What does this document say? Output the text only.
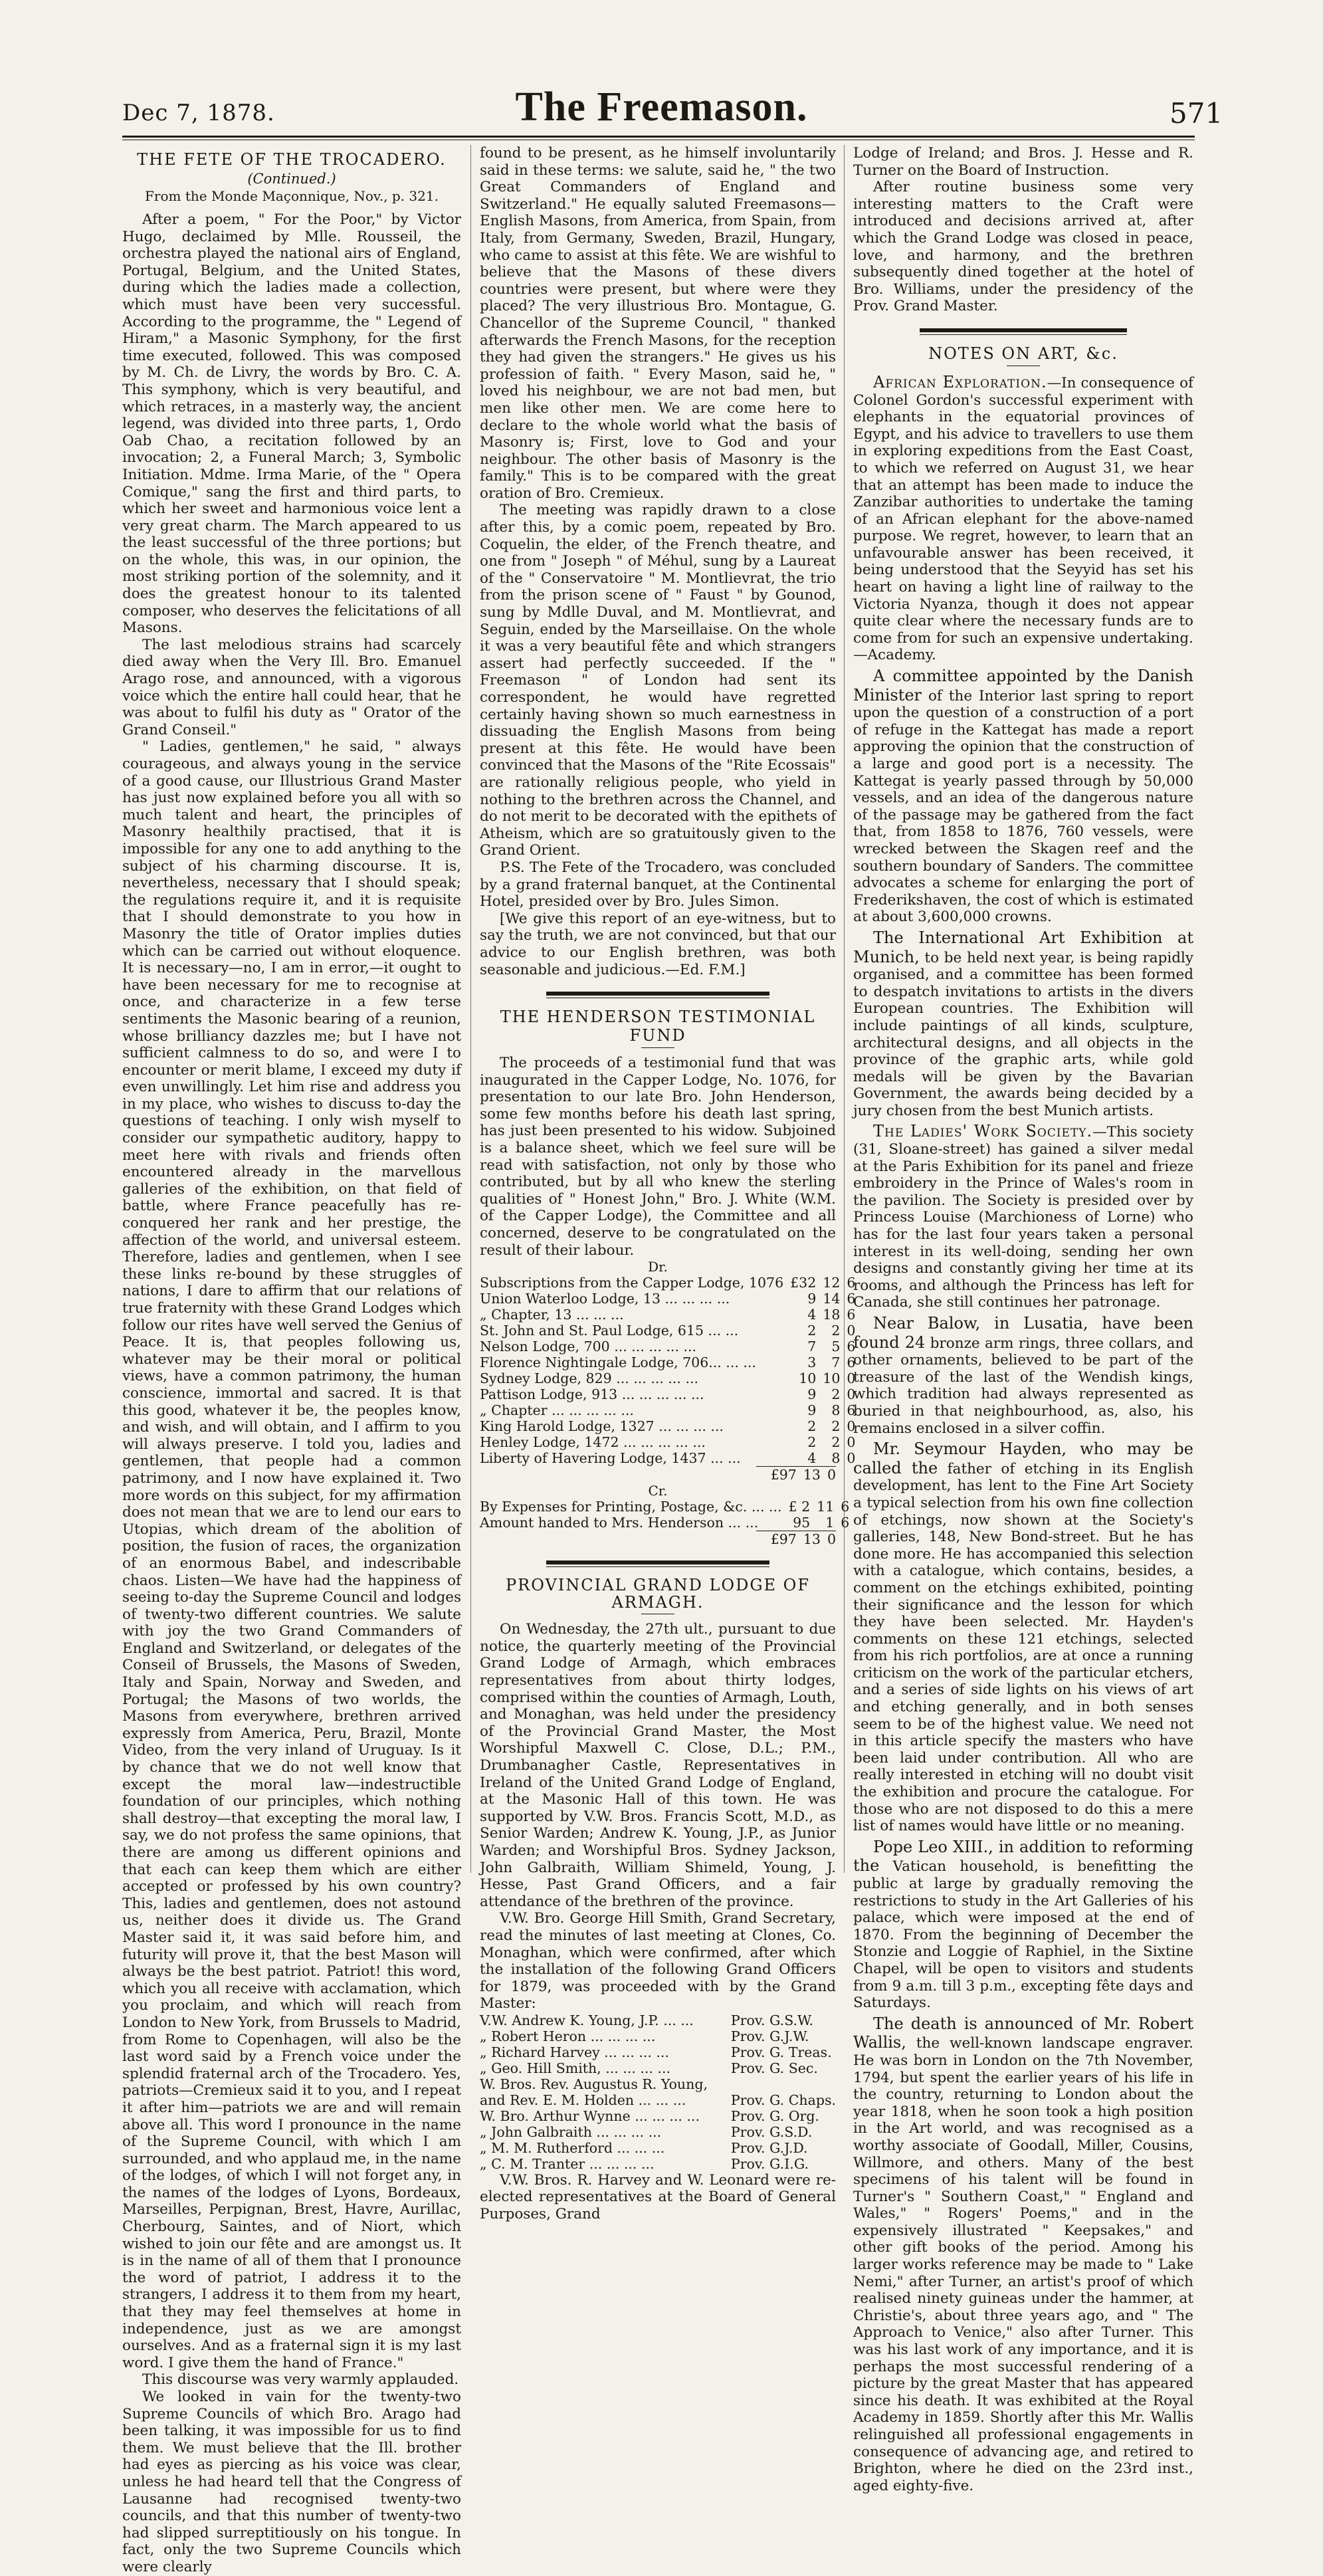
Dec 7, 1878.	The Freemason.	571
THE FETE OF THE TROCADERO.
(Continued.)
From the Monde Maçonnique, Nov., p. 321.

After a poem, " For the Poor," by Victor Hugo, declaimed by Mlle. Rousseil, the orchestra played the national airs of England, Portugal, Belgium, and the United States, during which the ladies made a collection, which must have been very successful. According to the programme, the " Legend of Hiram," a Masonic Symphony, for the first time executed, followed. This was composed by M. Ch. de Livry, the words by Bro. C. A. This symphony, which is very beautiful, and which retraces, in a masterly way, the ancient legend, was divided into three parts, 1, Ordo Oab Chao, a recitation followed by an invocation; 2, a Funeral March; 3, Symbolic Initiation. Mdme. Irma Marie, of the " Opera Comique," sang the first and third parts, to which her sweet and harmonious voice lent a very great charm. The March appeared to us the least successful of the three portions; but on the whole, this was, in our opinion, the most striking portion of the solemnity, and it does the greatest honour to its talented composer, who deserves the felicitations of all Masons.

The last melodious strains had scarcely died away when the Very Ill. Bro. Emanuel Arago rose, and announced, with a vigorous voice which the entire hall could hear, that he was about to fulfil his duty as " Orator of the Grand Conseil."

" Ladies, gentlemen," he said, " always courageous, and always young in the service of a good cause, our Illustrious Grand Master has just now explained before you all with so much talent and heart, the principles of Masonry healthily practised, that it is impossible for any one to add anything to the subject of his charming discourse. It is, nevertheless, necessary that I should speak; the regulations require it, and it is requisite that I should demonstrate to you how in Masonry the title of Orator implies duties which can be carried out without eloquence. It is necessary—no, I am in error,—it ought to have been necessary for me to recognise at once, and characterize in a few terse sentiments the Masonic bearing of a reunion, whose brilliancy dazzles me; but I have not sufficient calmness to do so, and were I to encounter or merit blame, I exceed my duty if even unwillingly. Let him rise and address you in my place, who wishes to discuss to-day the questions of teaching. I only wish myself to consider our sympathetic auditory, happy to meet here with rivals and friends often encountered already in the marvellous galleries of the exhibition, on that field of battle, where France peacefully has re-conquered her rank and her prestige, the affection of the world, and universal esteem. Therefore, ladies and gentlemen, when I see these links re-bound by these struggles of nations, I dare to affirm that our relations of true fraternity with these Grand Lodges which follow our rites have well served the Genius of Peace. It is, that peoples following us, whatever may be their moral or political views, have a common patrimony, the human conscience, immortal and sacred. It is that this good, whatever it be, the peoples know, and wish, and will obtain, and I affirm to you will always preserve. I told you, ladies and gentlemen, that people had a common patrimony, and I now have explained it. Two more words on this subject, for my affirmation does not mean that we are to lend our ears to Utopias, which dream of the abolition of position, the fusion of races, the organization of an enormous Babel, and indescribable chaos. Listen—We have had the happiness of seeing to-day the Supreme Council and lodges of twenty-two different countries. We salute with joy the two Grand Commanders of England and Switzerland, or delegates of the Conseil of Brussels, the Masons of Sweden, Italy and Spain, Norway and Sweden, and Portugal; the Masons of two worlds, the Masons from everywhere, brethren arrived expressly from America, Peru, Brazil, Monte Video, from the very inland of Uruguay. Is it by chance that we do not well know that except the moral law—indestructible foundation of our principles, which nothing shall destroy—that excepting the moral law, I say, we do not profess the same opinions, that there are among us different opinions and that each can keep them which are either accepted or professed by his own country? This, ladies and gentlemen, does not astound us, neither does it divide us. The Grand Master said it, it was said before him, and futurity will prove it, that the best Mason will always be the best patriot. Patriot! this word, which you all receive with acclamation, which you proclaim, and which will reach from London to New York, from Brussels to Madrid, from Rome to Copenhagen, will also be the last word said by a French voice under the splendid fraternal arch of the Trocadero. Yes, patriots—Cremieux said it to you, and I repeat it after him—patriots we are and will remain above all. This word I pronounce in the name of the Supreme Council, with which I am surrounded, and who applaud me, in the name of the lodges, of which I will not forget any, in the names of the lodges of Lyons, Bordeaux, Marseilles, Perpignan, Brest, Havre, Aurillac, Cherbourg, Saintes, and of Niort, which wished to join our fête and are amongst us. It is in the name of all of them that I pronounce the word of patriot, I address it to the strangers, I address it to them from my heart, that they may feel themselves at home in independence, just as we are amongst ourselves. And as a fraternal sign it is my last word. I give them the hand of France."

This discourse was very warmly applauded.

We looked in vain for the twenty-two Supreme Councils of which Bro. Arago had been talking, it was impossible for us to find them. We must believe that the Ill. brother had eyes as piercing as his voice was clear, unless he had heard tell that the Congress of Lausanne had recognised twenty-two councils, and that this number of twenty-two had slipped surreptitiously on his tongue. In fact, only the two Supreme Councils which were clearly

found to be present, as he himself involuntarily said in these terms: we salute, said he, " the two Great Commanders of England and Switzerland." He equally saluted Freemasons—English Masons, from America, from Spain, from Italy, from Germany, Sweden, Brazil, Hungary, who came to assist at this fête. We are wishful to believe that the Masons of these divers countries were present, but where were they placed? The very illustrious Bro. Montague, G. Chancellor of the Supreme Council, " thanked afterwards the French Masons, for the reception they had given the strangers." He gives us his profession of faith. " Every Mason, said he, " loved his neighbour, we are not bad men, but men like other men. We are come here to declare to the whole world what the basis of Masonry is; First, love to God and your neighbour. The other basis of Masonry is the family." This is to be compared with the great oration of Bro. Cremieux.

The meeting was rapidly drawn to a close after this, by a comic poem, repeated by Bro. Coquelin, the elder, of the French theatre, and one from " Joseph " of Méhul, sung by a Laureat of the " Conservatoire " M. Montlievrat, the trio from the prison scene of " Faust " by Gounod, sung by Mdlle Duval, and M. Montlievrat, and Seguin, ended by the Marseillaise. On the whole it was a very beautiful fête and which strangers assert had perfectly succeeded. If the " Freemason " of London had sent its correspondent, he would have regretted certainly having shown so much earnestness in dissuading the English Masons from being present at this fête. He would have been convinced that the Masons of the "Rite Ecossais" are rationally religious people, who yield in nothing to the brethren across the Channel, and do not merit to be decorated with the epithets of Atheism, which are so gratuitously given to the Grand Orient.

P.S. The Fete of the Trocadero, was concluded by a grand fraternal banquet, at the Continental Hotel, presided over by Bro. Jules Simon.

[We give this report of an eye-witness, but to say the truth, we are not convinced, but that our advice to our English brethren, was both seasonable and judicious.—Ed. F.M.]

THE HENDERSON TESTIMONIAL FUND

The proceeds of a testimonial fund that was inaugurated in the Capper Lodge, No. 1076, for presentation to our late Bro. John Henderson, some few months before his death last spring, has just been presented to his widow. Subjoined is a balance sheet, which we feel sure will be read with satisfaction, not only by those who contributed, but by all who knew the sterling qualities of " Honest John," Bro. J. White (W.M. of the Capper Lodge), the Committee and all concerned, deserve to be congratulated on the result of their labour.

Dr.
Subscriptions from the Capper Lodge, 1076	£32	12	6
Union Waterloo Lodge, 13 ... ... ... ...	9	14	6
„ Chapter, 13 ... ... ...	4	18	6
St. John and St. Paul Lodge, 615 ... ...	2	2	0
Nelson Lodge, 700 ... ... ... ... ...	7	5	6
Florence Nightingale Lodge, 706... ... ...	3	7	6
Sydney Lodge, 829 ... ... ... ... ...	10	10	0
Pattison Lodge, 913 ... ... ... ... ...	9	2	0
„ Chapter ... ... ... ... ...	9	8	6
King Harold Lodge, 1327 ... ... ... ...	2	2	0
Henley Lodge, 1472 ... ... ... ... ...	2	2	0
Liberty of Havering Lodge, 1437 ... ...	4	8	0
	£97	13	0
Cr.
By Expenses for Printing, Postage, &c. ... ...	£ 2	11	6
Amount handed to Mrs. Henderson ... ...	95	1	6
	£97	13	0
PROVINCIAL GRAND LODGE OF ARMAGH.

On Wednesday, the 27th ult., pursuant to due notice, the quarterly meeting of the Provincial Grand Lodge of Armagh, which embraces representatives from about thirty lodges, comprised within the counties of Armagh, Louth, and Monaghan, was held under the presidency of the Provincial Grand Master, the Most Worshipful Maxwell C. Close, D.L.; P.M., Drumbanagher Castle, Representatives in Ireland of the United Grand Lodge of England, at the Masonic Hall of this town. He was supported by V.W. Bros. Francis Scott, M.D., as Senior Warden; Andrew K. Young, J.P., as Junior Warden; and Worshipful Bros. Sydney Jackson, John Galbraith, William Shimeld, Young, J. Hesse, Past Grand Officers, and a fair attendance of the brethren of the province.

V.W. Bro. George Hill Smith, Grand Secretary, read the minutes of last meeting at Clones, Co. Monaghan, which were confirmed, after which the installation of the following Grand Officers for 1879, was proceeded with by the Grand Master:

V.W. Andrew K. Young, J.P. ... ...	Prov. G.S.W.
„ Robert Heron ... ... ... ...	Prov. G.J.W.
„ Richard Harvey ... ... ... ...	Prov. G. Treas.
„ Geo. Hill Smith, ... ... ... ...	Prov. G. Sec.
W. Bros. Rev. Augustus R. Young,	
and Rev. E. M. Holden ... ... ...	Prov. G. Chaps.
W. Bro. Arthur Wynne ... ... ... ...	Prov. G. Org.
„ John Galbraith ... ... ... ...	Prov. G.S.D.
„ M. M. Rutherford ... ... ...	Prov. G.J.D.
„ C. M. Tranter ... ... ... ...	Prov. G.I.G.

V.W. Bros. R. Harvey and W. Leonard were re-elected representatives at the Board of General Purposes, Grand

Lodge of Ireland; and Bros. J. Hesse and R. Turner on the Board of Instruction.

After routine business some very interesting matters to the Craft were introduced and decisions arrived at, after which the Grand Lodge was closed in peace, love, and harmony, and the brethren subsequently dined together at the hotel of Bro. Williams, under the presidency of the Prov. Grand Master.

NOTES ON ART, &c.

African Exploration.—In consequence of Colonel Gordon's successful experiment with elephants in the equatorial provinces of Egypt, and his advice to travellers to use them in exploring expeditions from the East Coast, to which we referred on August 31, we hear that an attempt has been made to induce the Zanzibar authorities to undertake the taming of an African elephant for the above-named purpose. We regret, however, to learn that an unfavourable answer has been received, it being understood that the Seyyid has set his heart on having a light line of railway to the Victoria Nyanza, though it does not appear quite clear where the necessary funds are to come from for such an expensive undertaking.—Academy.

A committee appointed by the Danish Minister of the Interior last spring to report upon the question of a construction of a port of refuge in the Kattegat has made a report approving the opinion that the construction of a large and good port is a necessity. The Kattegat is yearly passed through by 50,000 vessels, and an idea of the dangerous nature of the passage may be gathered from the fact that, from 1858 to 1876, 760 vessels, were wrecked between the Skagen reef and the southern boundary of Sanders. The committee advocates a scheme for enlarging the port of Frederikshaven, the cost of which is estimated at about 3,600,000 crowns.

The International Art Exhibition at Munich, to be held next year, is being rapidly organised, and a committee has been formed to despatch invitations to artists in the divers European countries. The Exhibition will include paintings of all kinds, sculpture, architectural designs, and all objects in the province of the graphic arts, while gold medals will be given by the Bavarian Government, the awards being decided by a jury chosen from the best Munich artists.

The Ladies' Work Society.—This society (31, Sloane-street) has gained a silver medal at the Paris Exhibition for its panel and frieze embroidery in the Prince of Wales's room in the pavilion. The Society is presided over by Princess Louise (Marchioness of Lorne) who has for the last four years taken a personal interest in its well-doing, sending her own designs and constantly giving her time at its rooms, and although the Princess has left for Canada, she still continues her patronage.

Near Balow, in Lusatia, have been found 24 bronze arm rings, three collars, and other ornaments, believed to be part of the treasure of the last of the Wendish kings, which tradition had always represented as buried in that neighbourhood, as, also, his remains enclosed in a silver coffin.

Mr. Seymour Hayden, who may be called the father of etching in its English development, has lent to the Fine Art Society a typical selection from his own fine collection of etchings, now shown at the Society's galleries, 148, New Bond-street. But he has done more. He has accompanied this selection with a catalogue, which contains, besides, a comment on the etchings exhibited, pointing their significance and the lesson for which they have been selected. Mr. Hayden's comments on these 121 etchings, selected from his rich portfolios, are at once a running criticism on the work of the particular etchers, and a series of side lights on his views of art and etching generally, and in both senses seem to be of the highest value. We need not in this article specify the masters who have been laid under contribution. All who are really interested in etching will no doubt visit the exhibition and procure the catalogue. For those who are not disposed to do this a mere list of names would have little or no meaning.

Pope Leo XIII., in addition to reforming the Vatican household, is benefitting the public at large by gradually removing the restrictions to study in the Art Galleries of his palace, which were imposed at the end of 1870. From the beginning of December the Stonzie and Loggie of Raphiel, in the Sixtine Chapel, will be open to visitors and students from 9 a.m. till 3 p.m., excepting fête days and Saturdays.

The death is announced of Mr. Robert Wallis, the well-known landscape engraver. He was born in London on the 7th November, 1794, but spent the earlier years of his life in the country, returning to London about the year 1818, when he soon took a high position in the Art world, and was recognised as a worthy associate of Goodall, Miller, Cousins, Willmore, and others. Many of the best specimens of his talent will be found in Turner's " Southern Coast," " England and Wales," " Rogers' Poems," and in the expensively illustrated " Keepsakes," and other gift books of the period. Among his larger works reference may be made to " Lake Nemi," after Turner, an artist's proof of which realised ninety guineas under the hammer, at Christie's, about three years ago, and " The Approach to Venice," also after Turner. This was his last work of any importance, and it is perhaps the most successful rendering of a picture by the great Master that has appeared since his death. It was exhibited at the Royal Academy in 1859. Shortly after this Mr. Wallis relinguished all professional engagements in consequence of advancing age, and retired to Brighton, where he died on the 23rd inst., aged eighty-five.
